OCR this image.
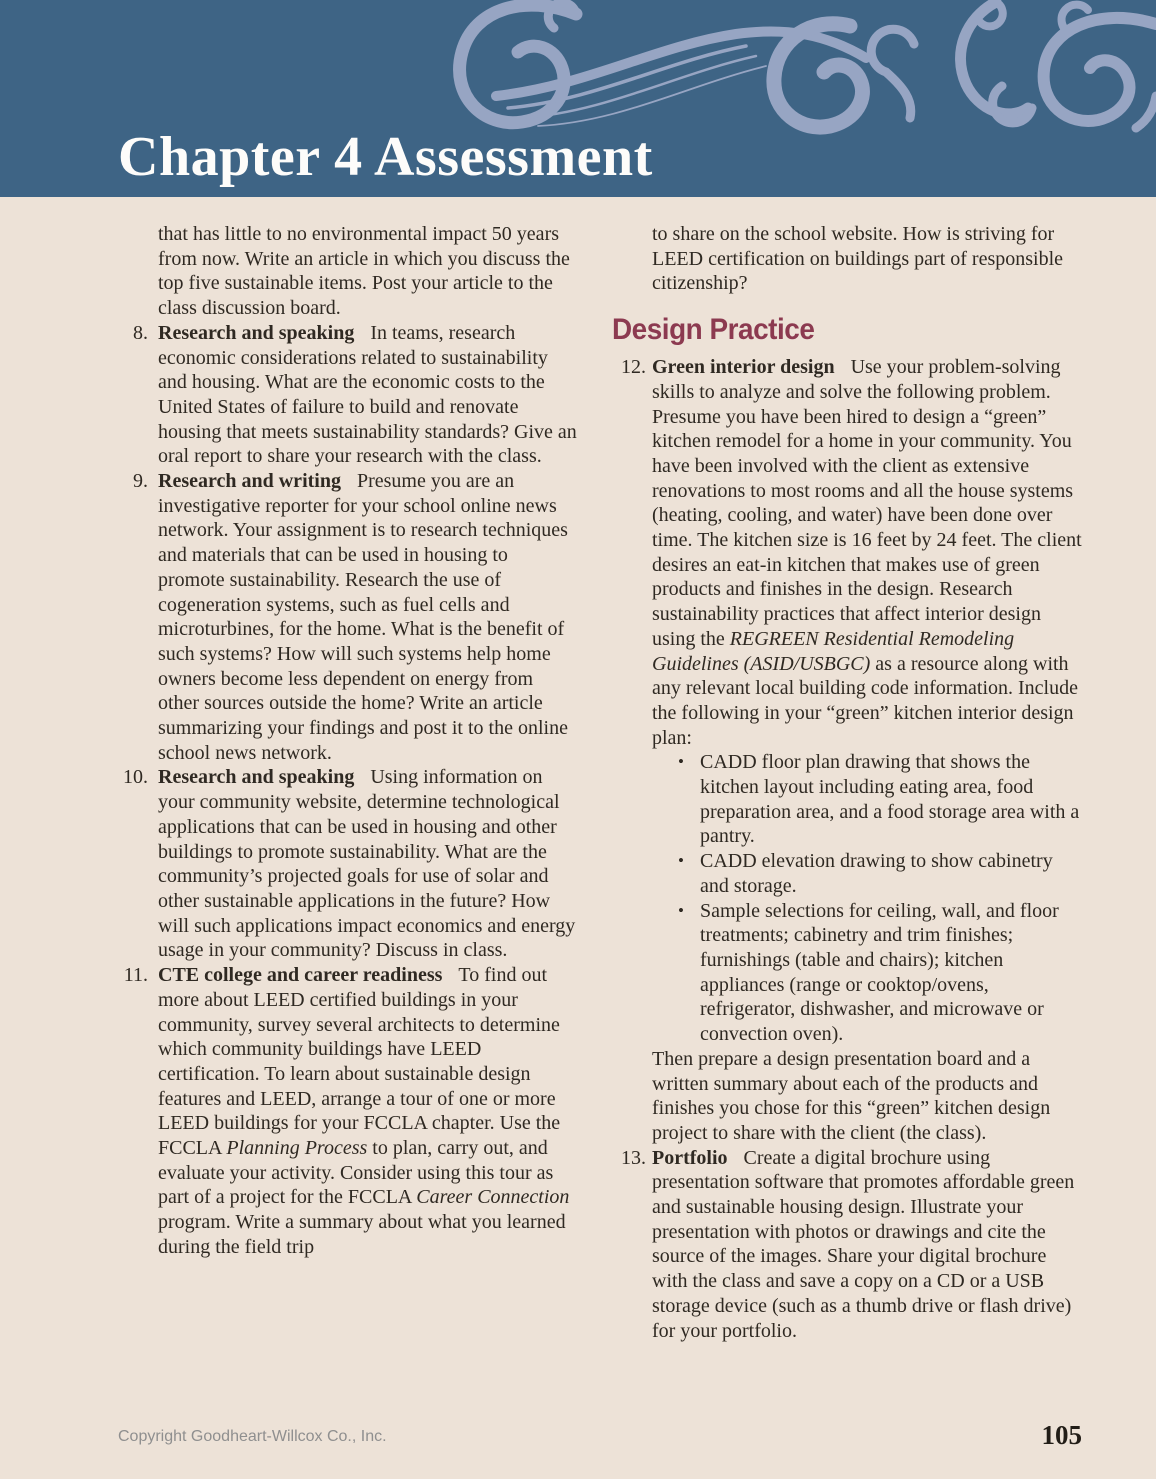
Chapter 4 Assessment

that has little to no environmental impact 50 years from now. Write an article in which you discuss the top five sustainable items. Post your article to the class discussion board.

8. Research and speaking In teams, research economic considerations related to sustainability and housing. What are the economic costs to the United States of failure to build and renovate housing that meets sustainability standards? Give an oral report to share your research with the class.

9. Research and writing Presume you are an investigative reporter for your school online news network. Your assignment is to research techniques and materials that can be used in housing to promote sustainability. Research the use of cogeneration systems, such as fuel cells and microturbines, for the home. What is the benefit of such systems? How will such systems help home owners become less dependent on energy from other sources outside the home? Write an article summarizing your findings and post it to the online school news network.

10. Research and speaking Using information on your community website, determine technological applications that can be used in housing and other buildings to promote sustainability. What are the community’s projected goals for use of solar and other sustainable applications in the future? How will such applications impact economics and energy usage in your community? Discuss in class.

11. CTE college and career readiness To find out more about LEED certified buildings in your community, survey several architects to determine which community buildings have LEED certification. To learn about sustainable design features and LEED, arrange a tour of one or more LEED buildings for your FCCLA chapter. Use the FCCLA Planning Process to plan, carry out, and evaluate your activity. Consider using this tour as part of a project for the FCCLA Career Connection program. Write a summary about what you learned during the field trip

to share on the school website. How is striving for LEED certification on buildings part of responsible citizenship?

Design Practice
12. Green interior design Use your problem-solving skills to analyze and solve the following problem. Presume you have been hired to design a “green” kitchen remodel for a home in your community. You have been involved with the client as extensive renovations to most rooms and all the house systems (heating, cooling, and water) have been done over time. The kitchen size is 16 feet by 24 feet. The client desires an eat-in kitchen that makes use of green products and finishes in the design. Research sustainability practices that affect interior design using the REGREEN Residential Remodeling Guidelines (ASID/USBGC) as a resource along with any relevant local building code information. Include the following in your “green” kitchen interior design plan:

• CADD floor plan drawing that shows the kitchen layout including eating area, food preparation area, and a food storage area with a pantry.
• CADD elevation drawing to show cabinetry and storage.
• Sample selections for ceiling, wall, and floor treatments; cabinetry and trim finishes; furnishings (table and chairs); kitchen appliances (range or cooktop/ovens, refrigerator, dishwasher, and microwave or convection oven).

Then prepare a design presentation board and a written summary about each of the products and finishes you chose for this “green” kitchen design project to share with the client (the class).

13. Portfolio Create a digital brochure using presentation software that promotes affordable green and sustainable housing design. Illustrate your presentation with photos or drawings and cite the source of the images. Share your digital brochure with the class and save a copy on a CD or a USB storage device (such as a thumb drive or flash drive) for your portfolio.

Copyright Goodheart-Willcox Co., Inc.	105
